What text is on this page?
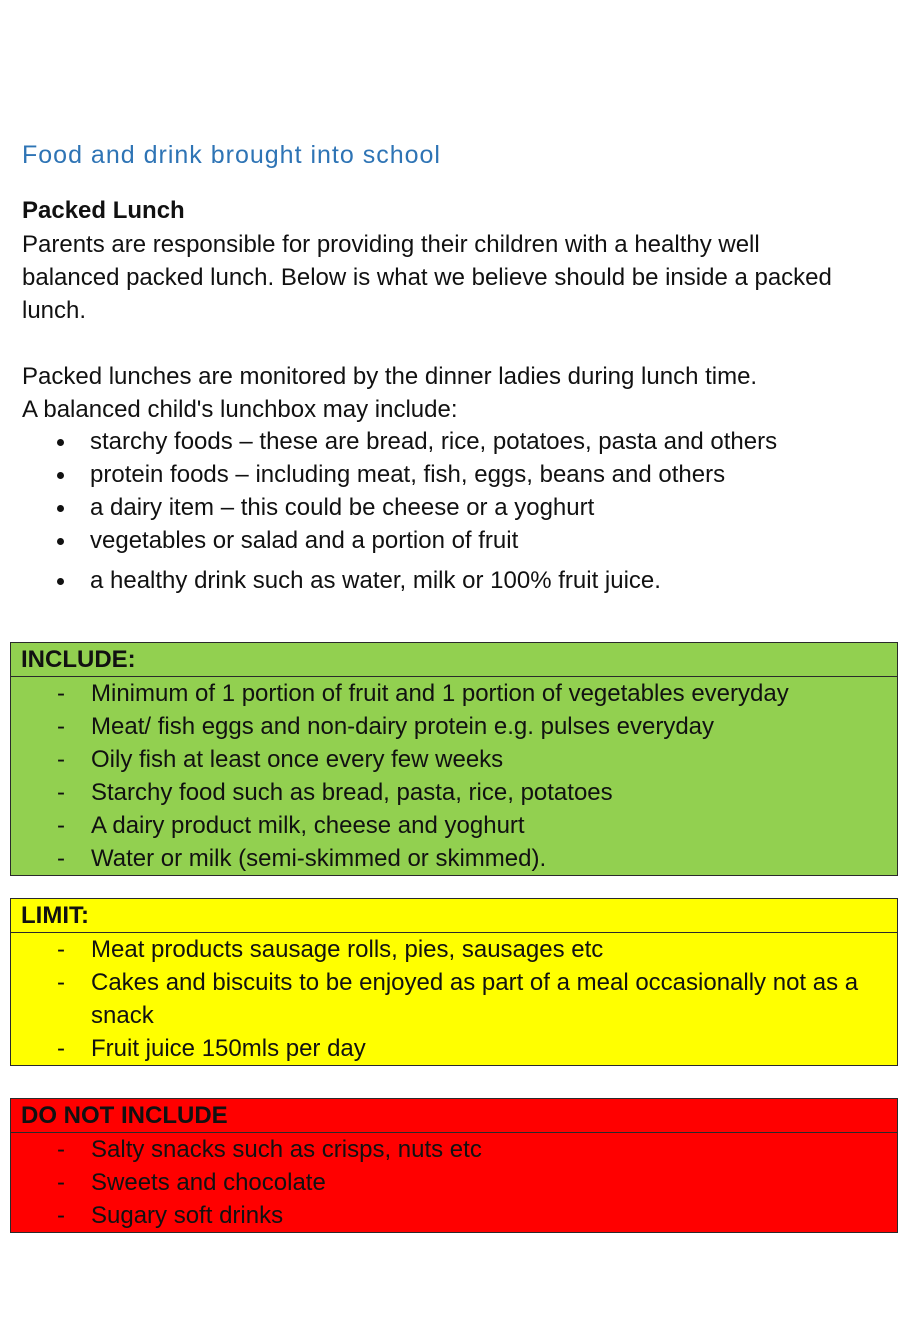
Food and drink brought into school
Packed Lunch
Parents are responsible for providing their children with a healthy well
balanced packed lunch. Below is what we believe should be inside a packed
lunch.
Packed lunches are monitored by the dinner ladies during lunch time.
A balanced child's lunchbox may include:
starchy foods – these are bread, rice, potatoes, pasta and others
protein foods – including meat, fish, eggs, beans and others
a dairy item – this could be cheese or a yoghurt
vegetables or salad and a portion of fruit
a healthy drink such as water, milk or 100% fruit juice.
INCLUDE:
- Minimum of 1 portion of fruit and 1 portion of vegetables everyday
- Meat/ fish eggs and non-dairy protein e.g. pulses everyday
- Oily fish at least once every few weeks
- Starchy food such as bread, pasta, rice, potatoes
- A dairy product milk, cheese and yoghurt
- Water or milk (semi-skimmed or skimmed).
LIMIT:
- Meat products sausage rolls, pies, sausages etc
- Cakes and biscuits to be enjoyed as part of a meal occasionally not as a snack
- Fruit juice 150mls per day
DO NOT INCLUDE
- Salty snacks such as crisps, nuts etc
- Sweets and chocolate
- Sugary soft drinks
